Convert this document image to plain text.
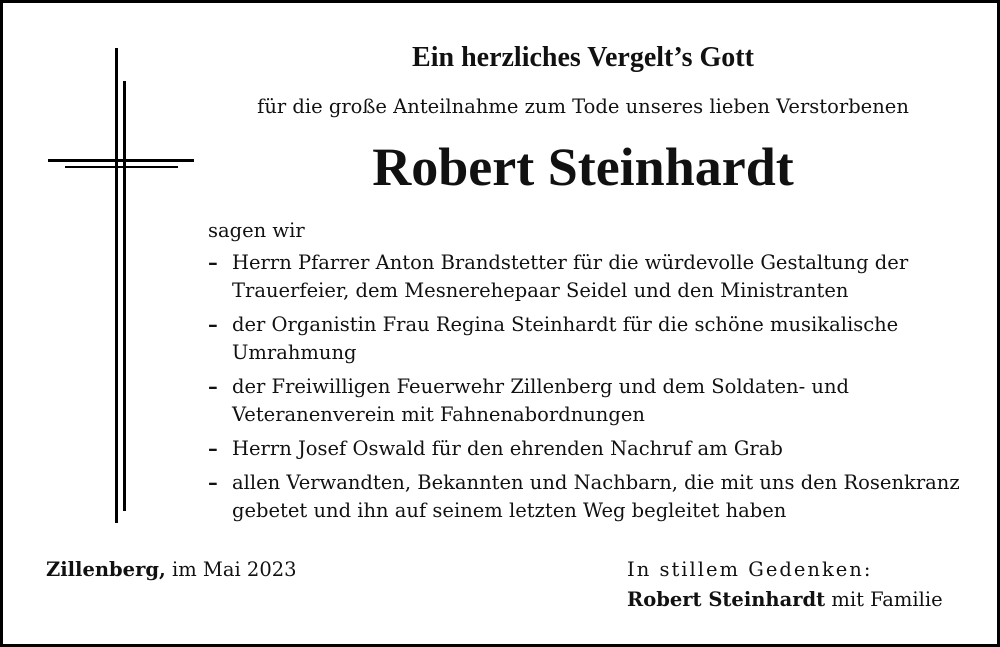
Ein herzliches Vergelt’s Gott

für die große Anteilnahme zum Tode unseres lieben Verstorbenen

Robert Steinhardt

sagen wir

– Herrn Pfarrer Anton Brandstetter für die würdevolle Gestaltung der Trauerfeier, dem Mesnerehepaar Seidel und den Ministranten
– der Organistin Frau Regina Steinhardt für die schöne musikalische Umrahmung
– der Freiwilligen Feuerwehr Zillenberg und dem Soldaten- und Veteranenverein mit Fahnenabordnungen
– Herrn Josef Oswald für den ehrenden Nachruf am Grab
– allen Verwandten, Bekannten und Nachbarn, die mit uns den Rosenkranz gebetet und ihn auf seinem letzten Weg begleitet haben

Zillenberg, im Mai 2023	In stillem Gedenken:
Robert Steinhardt mit Familie
